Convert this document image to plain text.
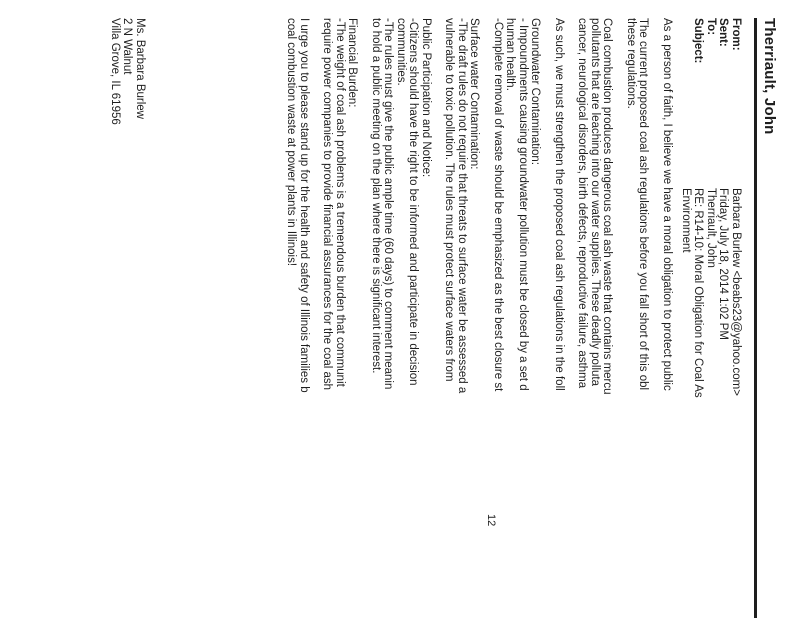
Therriault, John
From:
Barbara Burlew <beabs23@yahoo.com>
Sent:
Friday, July 18, 2014 1:02 PM
To:
Therriault, John
Subject:
RE: R14-10: Moral Obligation for Coal As
Environment
As a person of faith, I believe we have a moral obligation to protect public
The current proposed coal ash regulations before you fall short of this obl
these regulations.
Coal combustion produces dangerous coal ash waste that contains mercu
pollutants that are leaching into our water supplies. These deadly polluta
cancer, neurological disorders, birth defects, reproductive failure, asthma
As such, we must strengthen the proposed coal ash regulations in the foll
Groundwater Contamination:
- Impoundments causing groundwater pollution must be closed by a set d
human health.
-Complete removal of waste should be emphasized as the best closure st
Surface water Contamination:
-The draft rules do not require that threats to surface water be assessed a
vulnerable to toxic pollution. The rules must protect surface waters from
Public Participation and Notice:
-Citizens should have the right to be informed and participate in decision
communities.
-The rules must give the public ample time (60 days) to comment meanin
to hold a public meeting on the plan where there is significant interest.
Financial Burden:
-The weight of coal ash problems is a tremendous burden that communit
require power companies to provide financial assurances for the coal ash
I urge you to please stand up for the health and safety of Illinois families b
coal combustion waste at power plants in Illinois!
Ms. Barbara Burlew
2 N Walnut
Villa Grove, IL 61956
12
